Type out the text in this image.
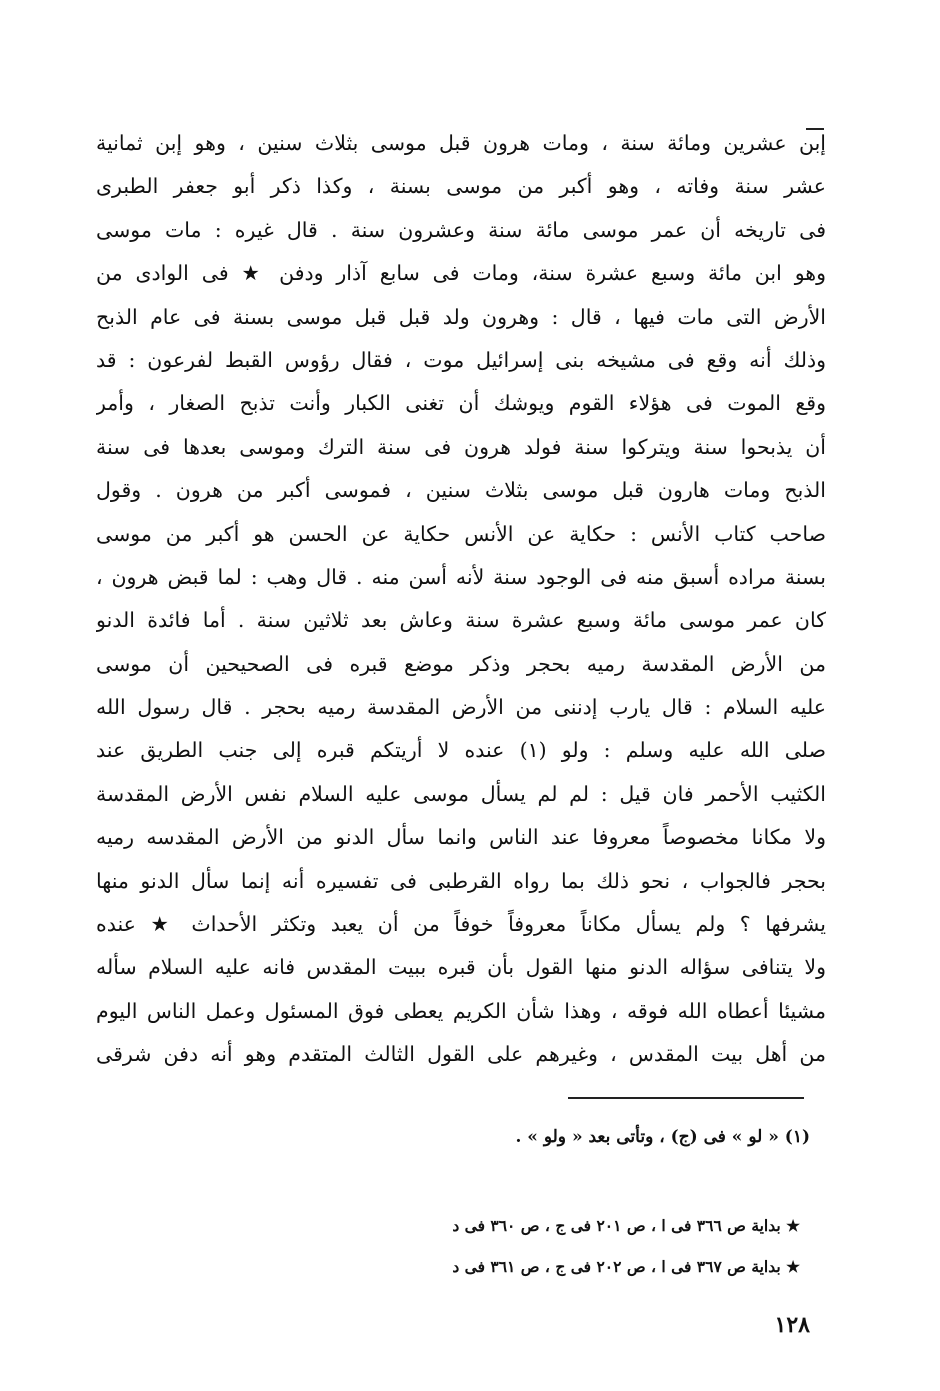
إبن عشرين ومائة سنة ، ومات هرون قبل موسى بثلاث سنين ، وهو إبن ثمانية
عشر سنة وفاته ، وهو أكبر من موسى بسنة ، وكذا ذكر أبو جعفر الطبرى
فى تاريخه أن عمر موسى مائة سنة وعشرون سنة . قال غيره : مات موسى
وهو ابن مائة وسبع عشرة سنة، ومات فى سابع آذار ودفن ★ فى الوادى من
الأرض التى مات فيها ، قال : وهرون ولد قبل قبل موسى بسنة فى عام الذبح
وذلك أنه وقع فى مشيخه بنى إسرائيل موت ، فقال رؤوس القبط لفرعون : قد
وقع الموت فى هؤلاء القوم ويوشك أن تغنى الكبار وأنت تذبح الصغار ، وأمر
أن يذبحوا سنة ويتركوا سنة فولد هرون فى سنة الترك وموسى بعدها فى سنة
الذبح ومات هارون قبل موسى بثلاث سنين ، فموسى أكبر من هرون . وقول
صاحب كتاب الأنس : حكاية عن الأنس حكاية عن الحسن هو أكبر من موسى
بسنة مراده أسبق منه فى الوجود سنة لأنه أسن منه . قال وهب : لما قبض هرون ،
كان عمر موسى مائة وسبع عشرة سنة وعاش بعد ثلاثين سنة . أما فائدة الدنو
من الأرض المقدسة رميه بحجر وذكر موضع قبره فى الصحيحين أن موسى
عليه السلام : قال يارب إدننى من الأرض المقدسة رميه بحجر . قال رسول الله
صلى الله عليه وسلم : ولو (١) عنده لا أريتكم قبره إلى جنب الطريق عند
الكثيب الأحمر فان قيل : لم لم يسأل موسى عليه السلام نفس الأرض المقدسة
ولا مكانا مخصوصاً معروفا عند الناس وانما سأل الدنو من الأرض المقدسه رميه
بحجر فالجواب ، نحو ذلك بما رواه القرطبى فى تفسيره أنه إنما سأل الدنو منها
يشرفها ؟ ولم يسأل مكاناً معروفاً خوفاً من أن يعبد وتكثر الأحداث ★ عنده
ولا يتنافى سؤاله الدنو منها القول بأن قبره ببيت المقدس فانه عليه السلام سأله
مشيئا أعطاه الله فوقه ، وهذا شأن الكريم يعطى فوق المسئول وعمل الناس اليوم
من أهل بيت المقدس ، وغيرهم على القول الثالث المتقدم وهو أنه دفن شرقى
(١) « لو » فى (ج) ، وتأتى بعد « ولو » .
★ بداية ص ٣٦٦ فى ا ، ص ٢٠١ فى ج ، ص ٣٦٠ فى د
★ بداية ص ٣٦٧ فى ا ، ص ٢٠٢ فى ج ، ص ٣٦١ فى د
١٢٨
